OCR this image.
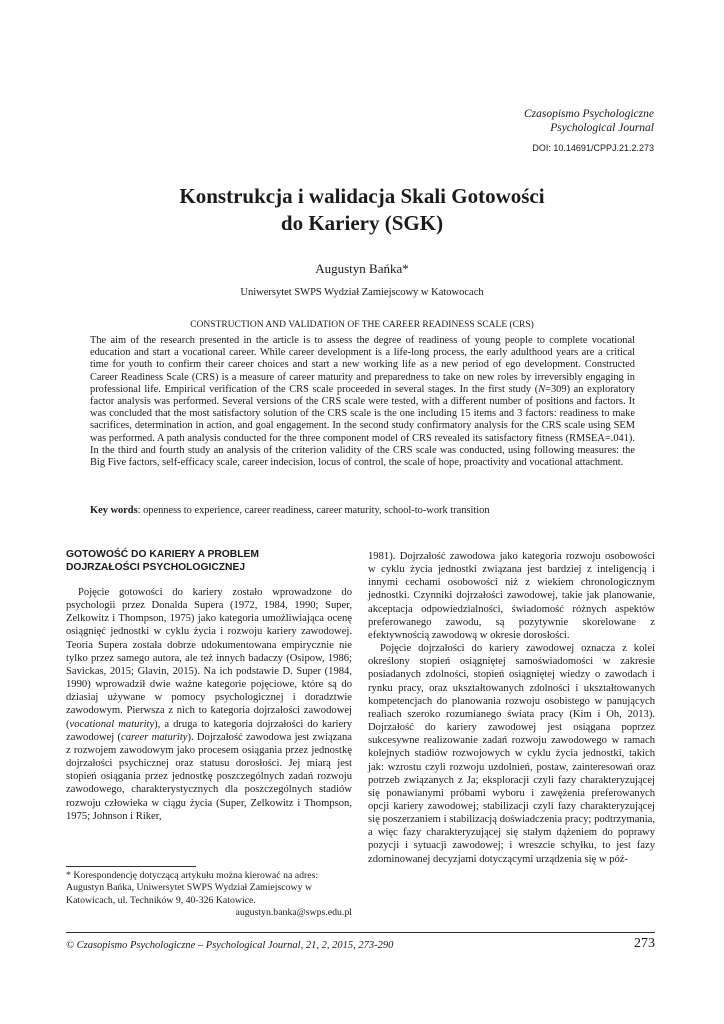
Czasopismo Psychologiczne
Psychological Journal
DOI: 10.14691/CPPJ.21.2.273
Konstrukcja i walidacja Skali Gotowości
do Kariery (SGK)
Augustyn Bańka*
Uniwersytet SWPS Wydział Zamiejscowy w Katowocach
CONSTRUCTION AND VALIDATION OF THE CAREER READINESS SCALE (CRS)
The aim of the research presented in the article is to assess the degree of readiness of young people to complete vocational education and start a vocational career. While career development is a life-long process, the early adulthood years are a critical time for youth to confirm their career choices and start a new working life as a new period of ego development. Constructed Career Readiness Scale (CRS) is a measure of career maturity and preparedness to take on new roles by irreversibly engaging in professional life. Empirical verification of the CRS scale proceeded in several stages. In the first study (N=309) an exploratory factor analysis was performed. Several versions of the CRS scale were tested, with a different number of positions and factors. It was concluded that the most satisfactory solution of the CRS scale is the one including 15 items and 3 factors: readiness to make sacrifices, determination in action, and goal engagement. In the second study confirmatory analysis for the CRS scale using SEM was performed. A path analysis conducted for the three component model of CRS revealed its satisfactory fitness (RMSEA=.041). In the third and fourth study an analysis of the criterion validity of the CRS scale was conducted, using following measures: the Big Five factors, self-efficacy scale, career indecision, locus of control, the scale of hope, proactivity and vocational attachment.
Key words: openness to experience, career readiness, career maturity, school-to-work transition
GOTOWOŚĆ DO KARIERY A PROBLEM
DOJRZAŁOŚCI PSYCHOLOGICZNEJ

Pojęcie gotowości do kariery zostało wprowadzone do psychologii przez Donalda Supera (1972, 1984, 1990; Super, Zelkowitz i Thompson, 1975) jako kategoria umożliwiająca ocenę osiągnięć jednostki w cyklu życia i rozwoju kariery zawodowej. Teoria Supera została dobrze udokumentowana empirycznie nie tylko przez samego autora, ale też innych badaczy (Osipow, 1986; Savickas, 2015; Glavin, 2015). Na ich podstawie D. Super (1984, 1990) wprowadził dwie ważne kategorie pojęciowe, które są do dziasiaj używane w pomocy psychologicznej i doradztwie zawodowym. Pierwsza z nich to kategoria dojrzałości zawodowej (vocational maturity), a druga to kategoria dojrzałości do kariery zawodowej (career maturity). Dojrzałość zawodowa jest związana z rozwojem zawodowym jako procesem osiągania przez jednostkę dojrzałości psychicznej oraz statusu dorosłości. Jej miarą jest stopień osiągania przez jednostkę poszczególnych zadań rozwoju zawodowego, charakterystycznych dla poszczególnych stadiów rozwoju człowieka w ciągu życia (Super, Zelkowitz i Thompson, 1975; Johnson i Riker,

* Korespondencję dotyczącą artykułu można kierować na adres: Augustyn Bańka, Uniwersytet SWPS Wydział Zamiejscowy w Katowicach, ul. Techników 9, 40-326 Katowice.
augustyn.banka@swps.edu.pl

1981). Dojrzałość zawodowa jako kategoria rozwoju osobowości w cyklu życia jednostki związana jest bardziej z inteligencją i innymi cechami osobowości niż z wiekiem chronologicznym jednostki. Czynniki dojrzałości zawodowej, takie jak planowanie, akceptacja odpowiedzialności, świadomość różnych aspektów preferowanego zawodu, są pozytywnie skorelowane z efektywnością zawodową w okresie dorosłości.

Pojęcie dojrzałości do kariery zawodowej oznacza z kolei określony stopień osiągniętej samoświadomości w zakresie posiadanych zdolności, stopień osiągniętej wiedzy o zawodach i rynku pracy, oraz ukształtowanych zdolności i ukształtowanych kompetencjach do planowania rozwoju osobistego w panujących realiach szeroko rozumianego świata pracy (Kim i Oh, 2013). Dojrzałość do kariery zawodowej jest osiągana poprzez sukcesywne realizowanie zadań rozwoju zawodowego w ramach kolejnych stadiów rozwojowych w cyklu życia jednostki, takich jak: wzrostu czyli rozwoju uzdolnień, postaw, zainteresowań oraz potrzeb związanych z Ja; eksploracji czyli fazy charakteryzującej się ponawianymi próbami wyboru i zawężenia preferowanych opcji kariery zawodowej; stabilizacji czyli fazy charakteryzującej się poszerzaniem i stabilizacją doświadczenia pracy; podtrzymania, a więc fazy charakteryzującej się stałym dążeniem do poprawy pozycji i sytuacji zawodowej; i wreszcie schyłku, to jest fazy zdominowanej decyzjami dotyczącymi urządzenia się w póź-

© Czasopismo Psychologiczne – Psychological Journal, 21, 2, 2015, 273-290	273
